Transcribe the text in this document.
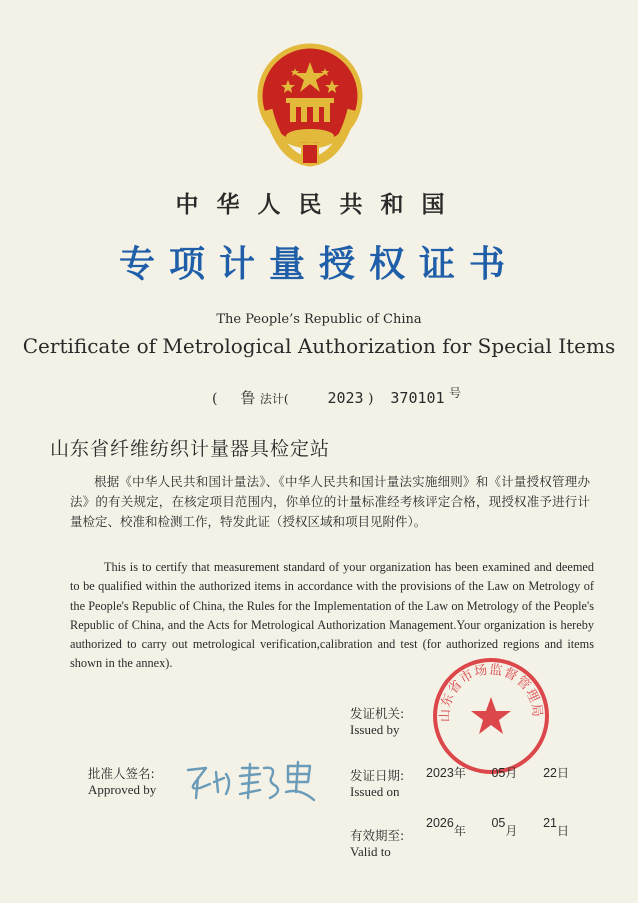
中华人民共和国
专项计量授权证书
The People’s Republic of China
Certificate of Metrological Authorization for Special Items
( 鲁 法计(	2023 ) 370101 号
山东省纤维纺织计量器具检定站
根据《中华人民共和国计量法》、《中华人民共和国计量法实施细则》和《计量授权管理办法》的有关规定，在核定项目范围内，你单位的计量标准经考核评定合格，现授权准予进行计量检定、校准和检测工作，特发此证（授权区域和项目见附件）。
This is to certify that measurement standard of your organization has been examined and deemed to be qualified within the authorized items in accordance with the provisions of the Law on Metrology of the People's Republic of China, the Rules for the Implementation of the Law on Metrology of the People's Republic of China, and the Acts for Metrological Authorization Management.Your organization is hereby authorized to carry out metrological verification,calibration and test (for authorized regions and items shown in the annex).
发证机关:
Issued by
山东省市场监督管理局
批准人签名:
Approved by
发证日期:
Issued on
2023年 05月 22日
有效期至:
Valid to
2026年  05月  21日
